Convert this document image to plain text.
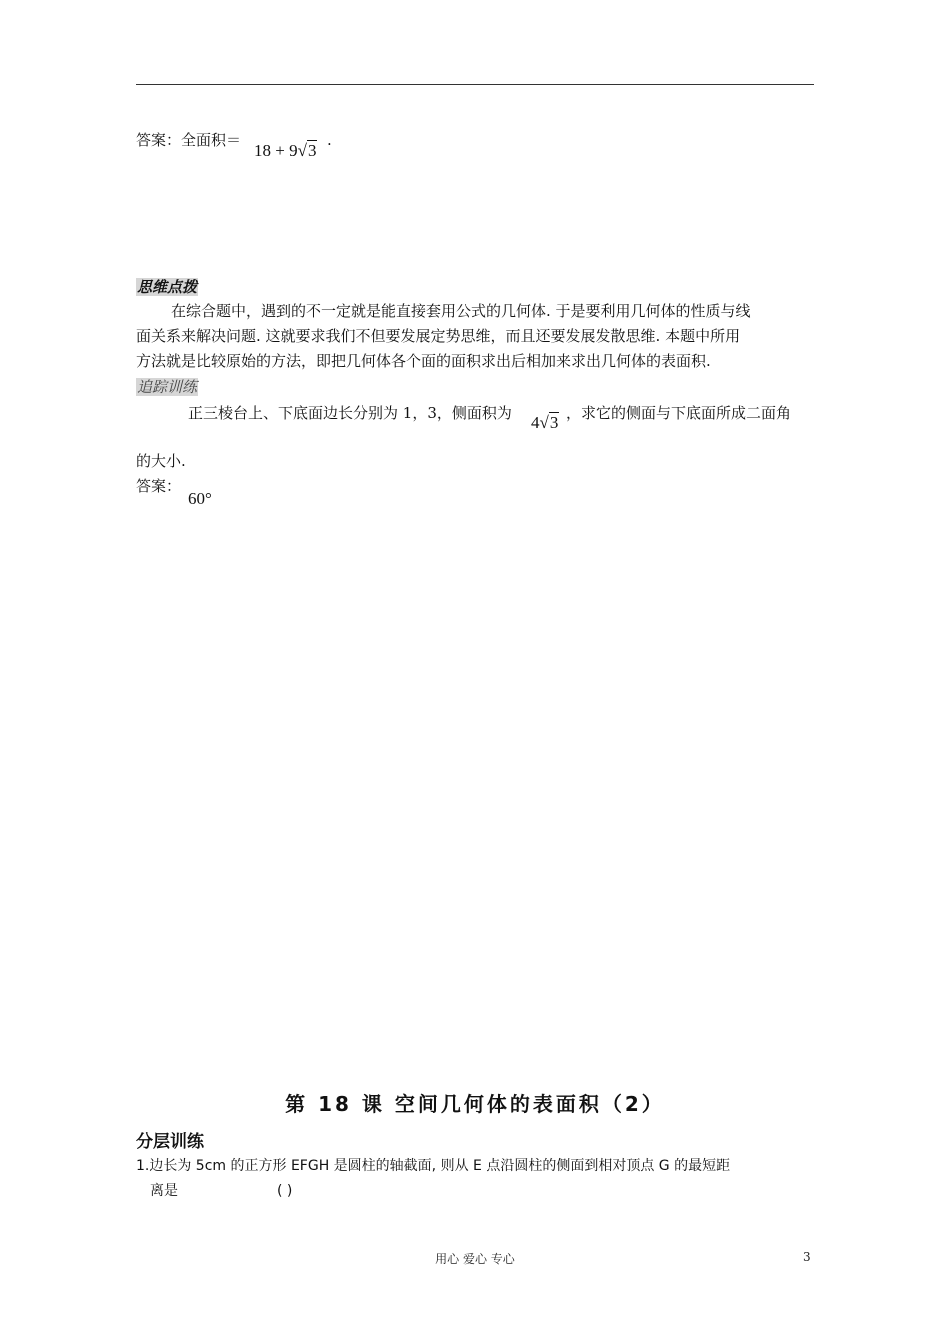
答案：全面积＝
18 + 9√3
.
思维点拨
在综合题中，遇到的不一定就是能直接套用公式的几何体. 于是要利用几何体的性质与线
面关系来解决问题. 这就要求我们不但要发展定势思维，而且还要发展发散思维. 本题中所用
方法就是比较原始的方法，即把几何体各个面的面积求出后相加来求出几何体的表面积.
追踪训练
正三棱台上、下底面边长分别为 1，3，侧面积为 4√3 ，求它的侧面与下底面所成二面角
的大小.
答案：
60°
第 18 课 空间几何体的表面积（2）
分层训练
1.边长为 5cm 的正方形 EFGH 是圆柱的轴截面, 则从 E 点沿圆柱的侧面到相对顶点 G 的最短距
离是	( )
用心 爱心 专心	3
